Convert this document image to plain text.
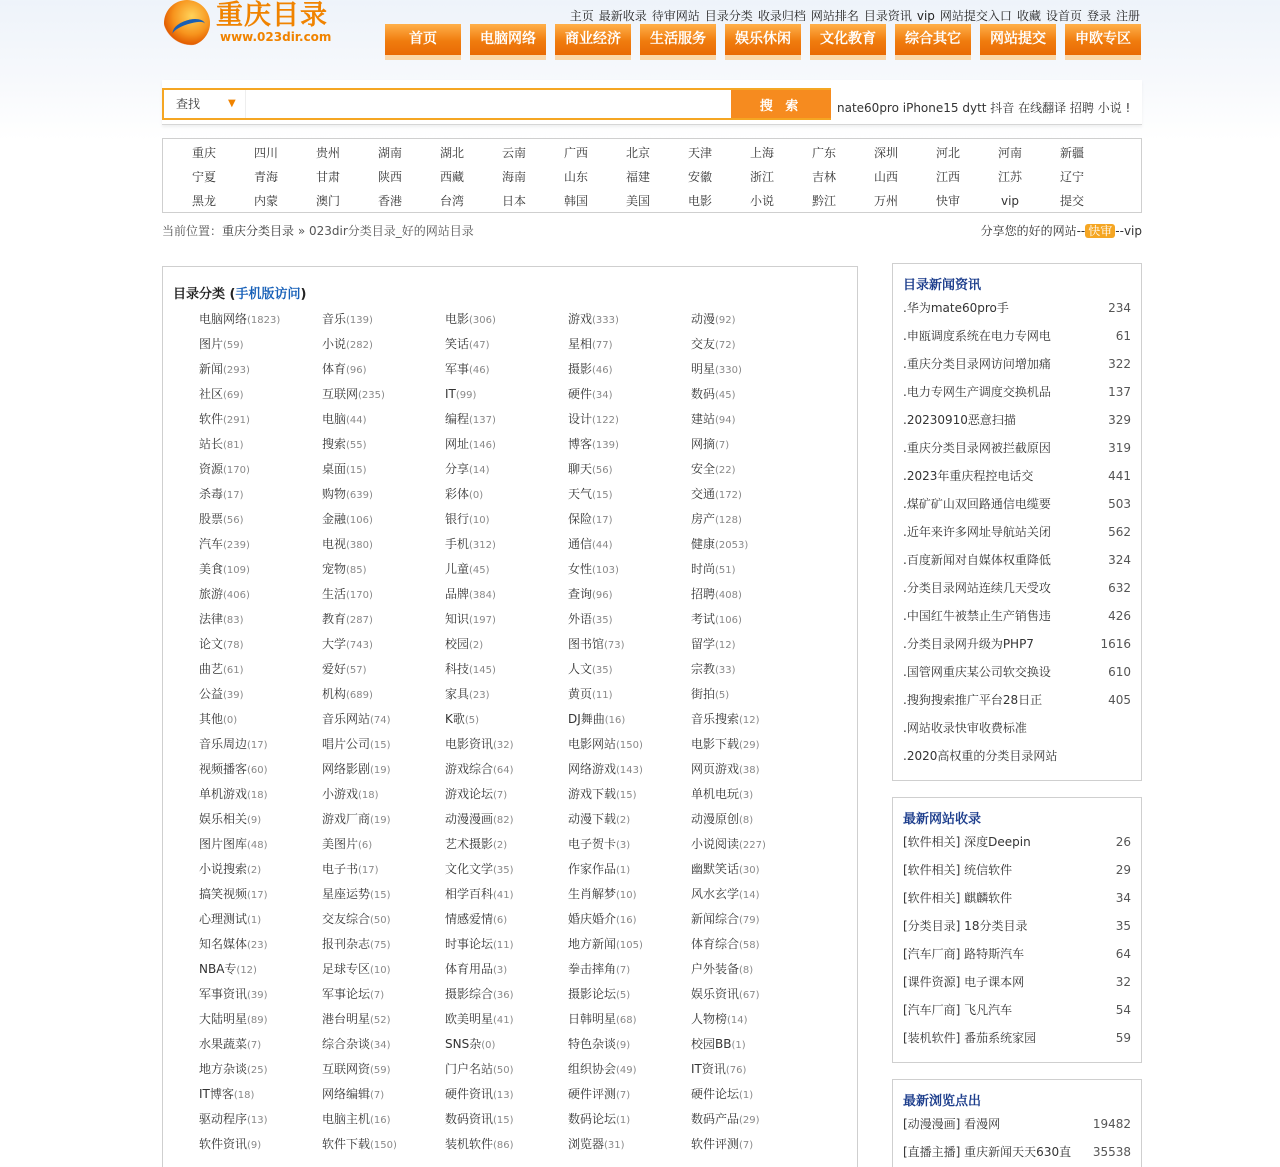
重庆目录
www.023dir.com
主页 最新收录 待审网站 目录分类 收录归档 网站排名 目录资讯 vip 网站提交入口 收藏 设首页 登录 注册
首页	电脑网络	商业经济	生活服务	娱乐休闲	文化教育	综合其它	网站提交	申欧专区
查找	▼	搜 索	nate60pro iPhone15 dytt 抖音 在线翻译 招聘 小说 !
重庆	四川	贵州	湖南	湖北	云南	广西	北京	天津	上海	广东	深圳	河北	河南	新疆
宁夏	青海	甘肃	陕西	西藏	海南	山东	福建	安徽	浙江	吉林	山西	江西	江苏	辽宁
黑龙	内蒙	澳门	香港	台湾	日本	韩国	美国	电影	小说	黔江	万州	快审	vip	提交
当前位置：重庆分类目录 » 023dir分类目录_好的网站目录	分享您的好的网站-- 快审 --vip
目录分类 (手机版访问)
电脑网络(1823)	音乐(139)	电影(306)	游戏(333)	动漫(92)
图片(59)	小说(282)	笑话(47)	星相(77)	交友(72)
新闻(293)	体育(96)	军事(46)	摄影(46)	明星(330)
社区(69)	互联网(235)	IT(99)	硬件(34)	数码(45)
软件(291)	电脑(44)	编程(137)	设计(122)	建站(94)
站长(81)	搜索(55)	网址(146)	博客(139)	网摘(7)
资源(170)	桌面(15)	分享(14)	聊天(56)	安全(22)
杀毒(17)	购物(639)	彩体(0)	天气(15)	交通(172)
股票(56)	金融(106)	银行(10)	保险(17)	房产(128)
汽车(239)	电视(380)	手机(312)	通信(44)	健康(2053)
美食(109)	宠物(85)	儿童(45)	女性(103)	时尚(51)
旅游(406)	生活(170)	品牌(384)	查询(96)	招聘(408)
法律(83)	教育(287)	知识(197)	外语(35)	考试(106)
论文(78)	大学(743)	校园(2)	图书馆(73)	留学(12)
曲艺(61)	爱好(57)	科技(145)	人文(35)	宗教(33)
公益(39)	机构(689)	家具(23)	黄页(11)	街拍(5)
其他(0)	音乐网站(74)	K歌(5)	DJ舞曲(16)	音乐搜索(12)
音乐周边(17)	唱片公司(15)	电影资讯(32)	电影网站(150)	电影下载(29)
视频播客(60)	网络影剧(19)	游戏综合(64)	网络游戏(143)	网页游戏(38)
单机游戏(18)	小游戏(18)	游戏论坛(7)	游戏下载(15)	单机电玩(3)
娱乐相关(9)	游戏厂商(19)	动漫漫画(82)	动漫下载(2)	动漫原创(8)
图片图库(48)	美图片(6)	艺术摄影(2)	电子贺卡(3)	小说阅读(227)
小说搜索(2)	电子书(17)	文化文学(35)	作家作品(1)	幽默笑话(30)
搞笑视频(17)	星座运势(15)	相学百科(41)	生肖解梦(10)	风水玄学(14)
心理测试(1)	交友综合(50)	情感爱情(6)	婚庆婚介(16)	新闻综合(79)
知名媒体(23)	报刊杂志(75)	时事论坛(11)	地方新闻(105)	体育综合(58)
NBA专(12)	足球专区(10)	体育用品(3)	拳击摔角(7)	户外装备(8)
军事资讯(39)	军事论坛(7)	摄影综合(36)	摄影论坛(5)	娱乐资讯(67)
大陆明星(89)	港台明星(52)	欧美明星(41)	日韩明星(68)	人物榜(14)
水果蔬菜(7)	综合杂谈(34)	SNS杂(0)	特色杂谈(9)	校园BB(1)
地方杂谈(25)	互联网资(59)	门户名站(50)	组织协会(49)	IT资讯(76)
IT博客(18)	网络编辑(7)	硬件资讯(13)	硬件评测(7)	硬件论坛(1)
驱动程序(13)	电脑主机(16)	数码资讯(15)	数码论坛(1)	数码产品(29)
软件资讯(9)	软件下载(150)	装机软件(86)	浏览器(31)	软件评测(7)
目录新闻资讯
.华为mate60pro手	234
.申瓯调度系统在电力专网电	61
.重庆分类目录网访问增加痛	322
.电力专网生产调度交换机品	137
.20230910恶意扫描	329
.重庆分类目录网被拦截原因	319
.2023年重庆程控电话交	441
.煤矿矿山双回路通信电缆要	503
.近年来许多网址导航站关闭	562
.百度新闻对自媒体权重降低	324
.分类目录网站连续几天受攻	632
.中国红牛被禁止生产销售违	426
.分类目录网升级为PHP7	1616
.国管网重庆某公司软交换设	610
.搜狗搜索推广平台28日正	405
.网站收录快审收费标准
.2020高权重的分类目录网站
最新网站收录
[软件相关] 深度Deepin	26
[软件相关] 统信软件	29
[软件相关] 麒麟软件	34
[分类目录] 18分类目录	35
[汽车厂商] 路特斯汽车	64
[课件资源] 电子课本网	32
[汽车厂商] 飞凡汽车	54
[装机软件] 番茄系统家园	59
最新浏览点出
[动漫漫画] 看漫网	19482
[直播主播] 重庆新闻天天630直 35538
